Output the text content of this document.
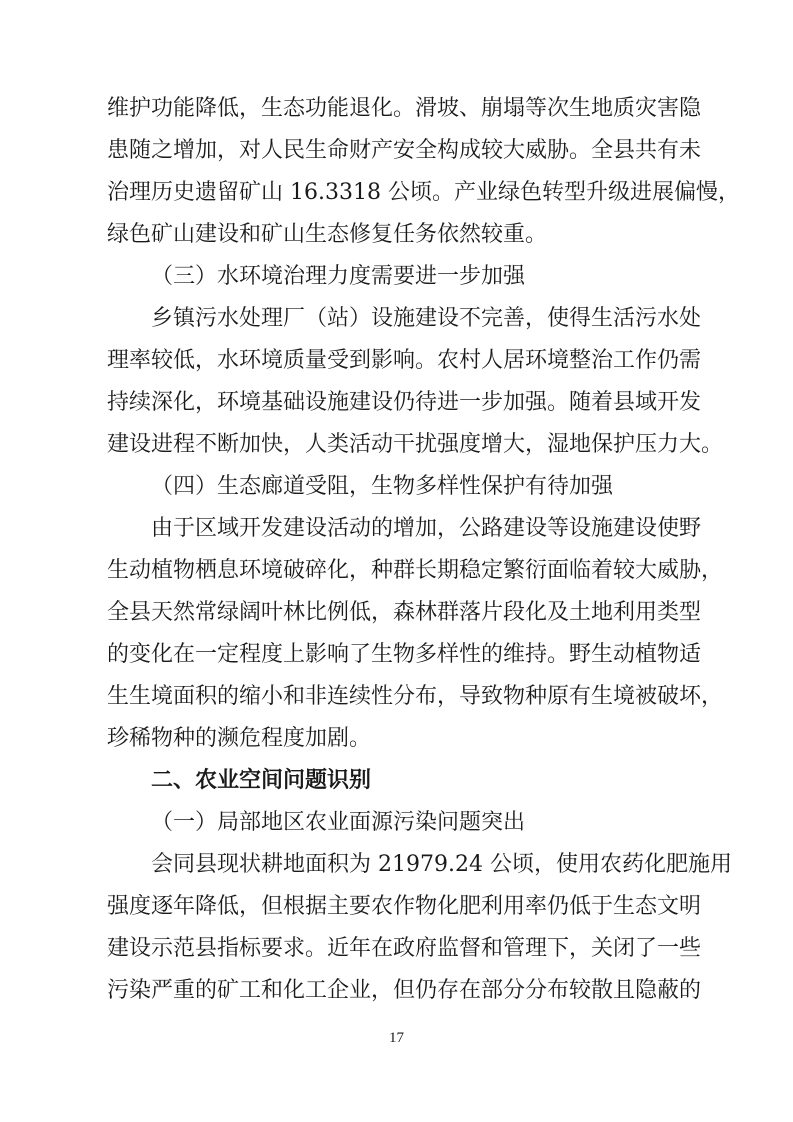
维护功能降低，生态功能退化。滑坡、崩塌等次生地质灾害隐
患随之增加，对人民生命财产安全构成较大威胁。全县共有未
治理历史遗留矿山 16.3318 公顷。产业绿色转型升级进展偏慢，
绿色矿山建设和矿山生态修复任务依然较重。
（三）水环境治理力度需要进一步加强
乡镇污水处理厂（站）设施建设不完善，使得生活污水处
理率较低，水环境质量受到影响。农村人居环境整治工作仍需
持续深化，环境基础设施建设仍待进一步加强。随着县域开发
建设进程不断加快，人类活动干扰强度增大，湿地保护压力大。
（四）生态廊道受阻，生物多样性保护有待加强
由于区域开发建设活动的增加，公路建设等设施建设使野
生动植物栖息环境破碎化，种群长期稳定繁衍面临着较大威胁，
全县天然常绿阔叶林比例低，森林群落片段化及土地利用类型
的变化在一定程度上影响了生物多样性的维持。野生动植物适
生生境面积的缩小和非连续性分布，导致物种原有生境被破坏，
珍稀物种的濒危程度加剧。
二、农业空间问题识别
（一）局部地区农业面源污染问题突出
会同县现状耕地面积为 21979.24 公顷，使用农药化肥施用
强度逐年降低，但根据主要农作物化肥利用率仍低于生态文明
建设示范县指标要求。近年在政府监督和管理下，关闭了一些
污染严重的矿工和化工企业，但仍存在部分分布较散且隐蔽的
17
